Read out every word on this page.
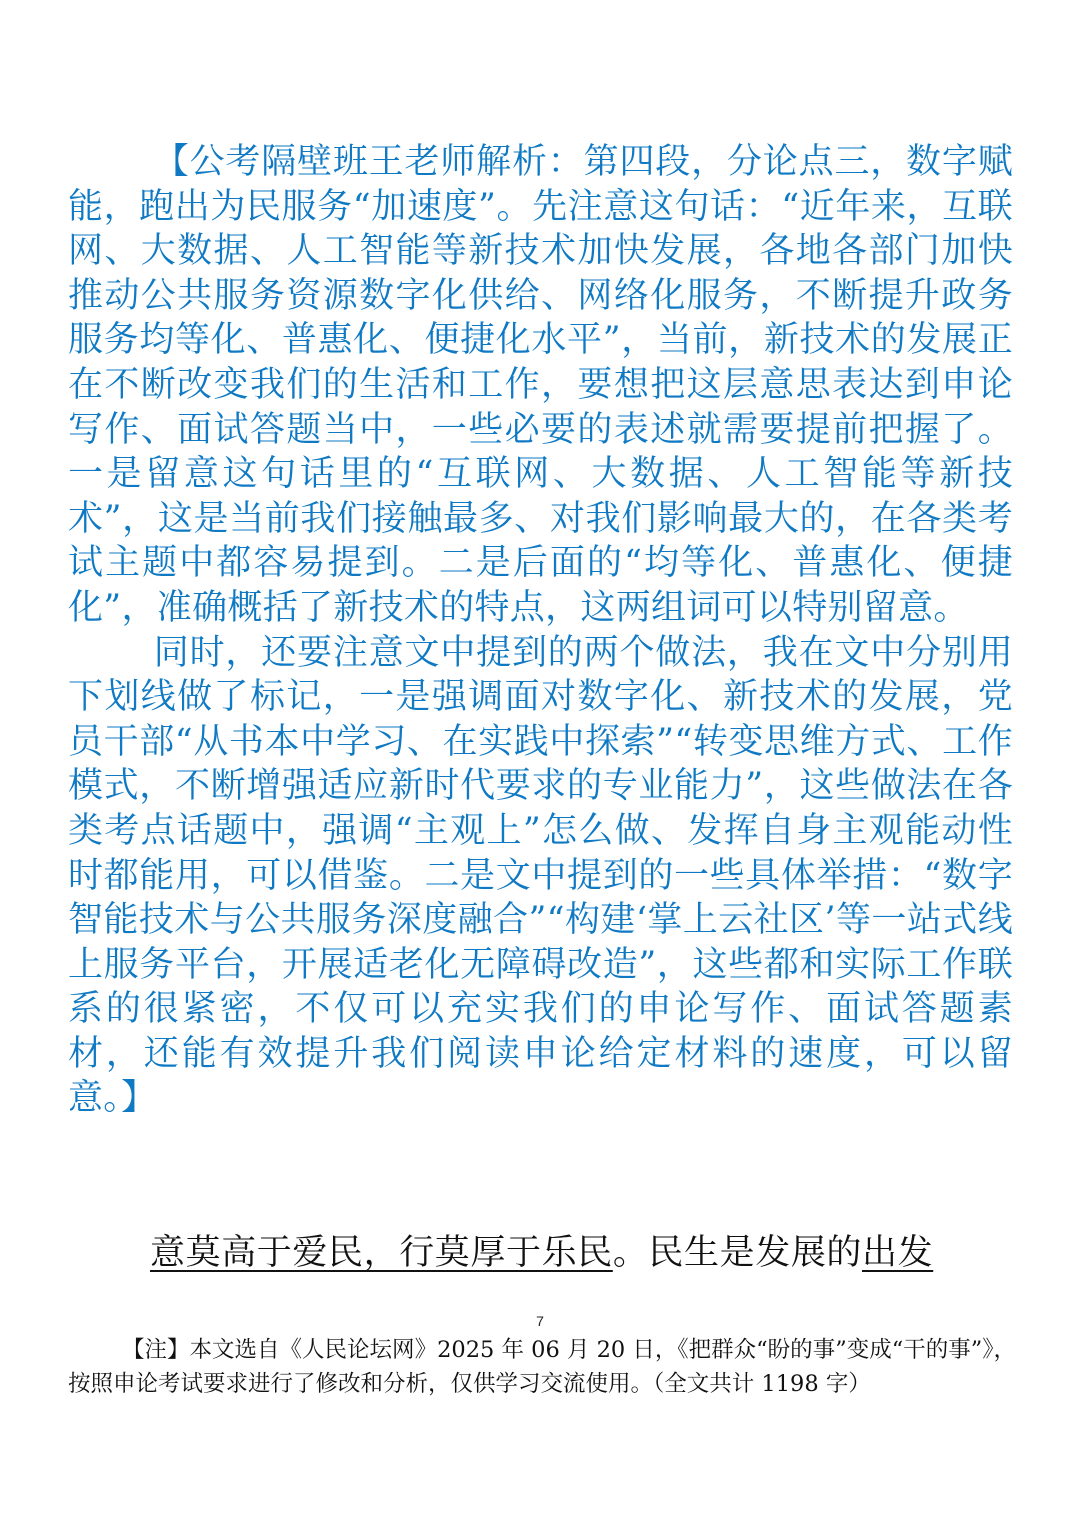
【公考隔壁班王老师解析：第四段，分论点三，数字赋能，跑出为民服务“加速度”。先注意这句话：“近年来，互联网、大数据、人工智能等新技术加快发展，各地各部门加快推动公共服务资源数字化供给、网络化服务，不断提升政务服务均等化、普惠化、便捷化水平”，当前，新技术的发展正在不断改变我们的生活和工作，要想把这层意思表达到申论写作、面试答题当中，一些必要的表述就需要提前把握了。一是留意这句话里的“互联网、大数据、人工智能等新技术”，这是当前我们接触最多、对我们影响最大的，在各类考试主题中都容易提到。二是后面的“均等化、普惠化、便捷化”，准确概括了新技术的特点，这两组词可以特别留意。

同时，还要注意文中提到的两个做法，我在文中分别用下划线做了标记，一是强调面对数字化、新技术的发展，党员干部“从书本中学习、在实践中探索”“转变思维方式、工作模式，不断增强适应新时代要求的专业能力”，这些做法在各类考点话题中，强调“主观上”怎么做、发挥自身主观能动性时都能用，可以借鉴。二是文中提到的一些具体举措：“数字智能技术与公共服务深度融合”“构建‘掌上云社区’等一站式线上服务平台，开展适老化无障碍改造”，这些都和实际工作联系的很紧密，不仅可以充实我们的申论写作、面试答题素材，还能有效提升我们阅读申论给定材料的速度，可以留意。】

意莫高于爱民，行莫厚于乐民。民生是发展的出发
7

【注】本文选自《人民论坛网》2025 年 06 月 20 日，《把群众“盼的事”变成“干的事”》，按照申论考试要求进行了修改和分析，仅供学习交流使用。（全文共计 1198 字）
